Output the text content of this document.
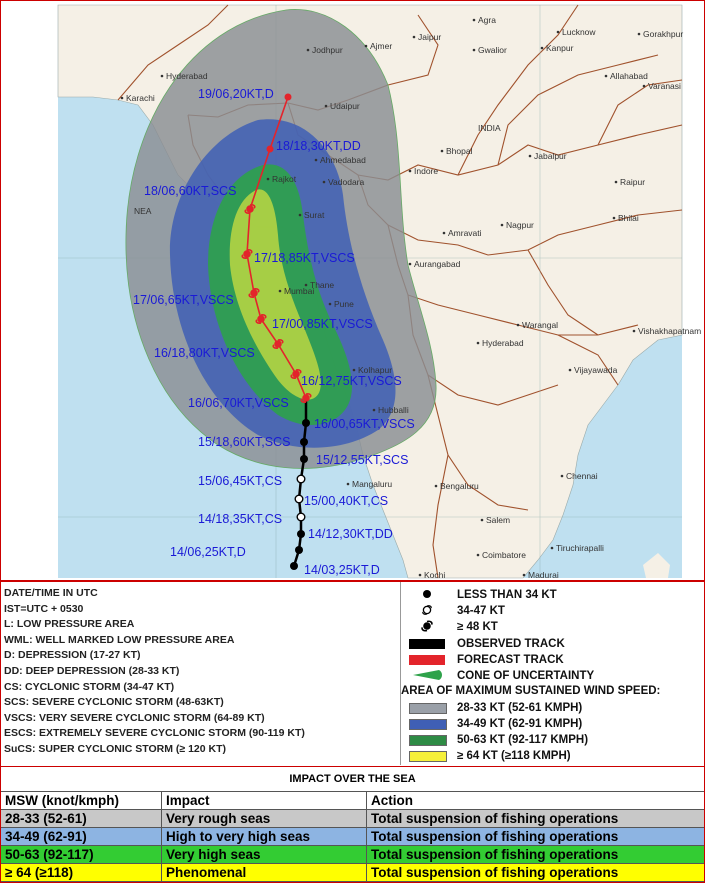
19/06,20KT,D
18/18,30KT,DD
18/06,60KT,SCS
17/18,85KT,VSCS
17/06,65KT,VSCS
17/00,85KT,VSCS
16/18,80KT,VSCS
16/12,75KT,VSCS
16/06,70KT,VSCS
16/00,65KT,VSCS
15/18,60KT,SCS
15/12,55KT,SCS
15/06,45KT,CS
15/00,40KT,CS
14/18,35KT,CS
14/12,30KT,DD
14/06,25KT,D
14/03,25KT,D
INDIA
NEA
Karachi
Hyderabad
Jodhpur	Ajmer
Jaipur
Agra
Gwalior
Lucknow
Kanpur
Gorakhpur
Allahabad
Varanasi
Udaipur
Ahmedabad
Vadodara
Rajkot
Surat
Indore
Bhopal	Jabalpur
Raipur
Bhilai
Nagpur
Amravati
Aurangabad
Thane
Mumbai
Pune
Warangal
Vishakhapatnam
Hyderabad
Vijayawada
Kolhapur
Hubballi
Mangaluru	Bengaluru
Chennai
Salem
Coimbatore
Tiruchirapalli
Madurai
Kochi
DATE/TIME IN UTC
IST=UTC + 0530
L: LOW PRESSURE AREA
WML: WELL MARKED LOW PRESSURE AREA
D: DEPRESSION (17-27 KT)
DD: DEEP DEPRESSION (28-33 KT)
CS: CYCLONIC STORM (34-47 KT)
SCS: SEVERE CYCLONIC STORM (48-63KT)
VSCS: VERY SEVERE CYCLONIC STORM (64-89 KT)
ESCS: EXTREMELY SEVERE CYCLONIC STORM (90-119 KT)
SuCS: SUPER CYCLONIC STORM (≥ 120 KT)
LESS THAN 34 KT
34-47 KT
≥ 48 KT
OBSERVED TRACK
FORECAST TRACK
CONE OF UNCERTAINTY
AREA OF MAXIMUM SUSTAINED WIND SPEED:
28-33 KT (52-61 KMPH)
34-49 KT (62-91 KMPH)
50-63 KT (92-117 KMPH)
≥ 64 KT (≥118 KMPH)
IMPACT OVER THE SEA
MSW (knot/kmph)	Impact	Action
28-33 (52-61)	Very rough seas	Total suspension of fishing operations
34-49 (62-91)	High to very high seas	Total suspension of fishing operations
50-63 (92-117)	Very high seas	Total suspension of fishing operations
≥ 64 (≥118)	Phenomenal	Total suspension of fishing operations
